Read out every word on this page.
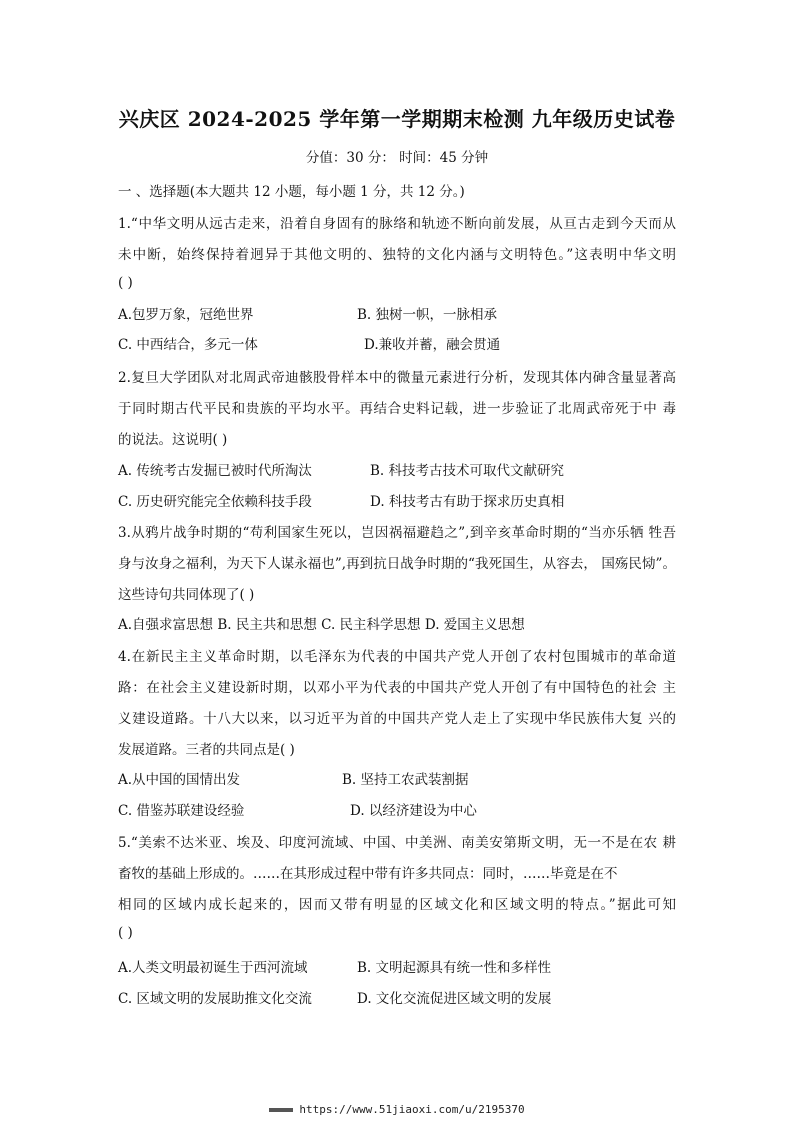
兴庆区 2024-2025 学年第一学期期末检测 九年级历史试卷
分值：30 分： 时间：45 分钟
一 、选择题(本大题共 12 小题，每小题 1 分，共 12 分。)
1.“中华文明从远古走来，沿着自身固有的脉络和轨迹不断向前发展，从亘古走到今天而从
未中断，始终保持着迥异于其他文明的、独特的文化内涵与文明特色。”这表明中华文明
( )
A.包罗万象，冠绝世界	B. 独树一帜，一脉相承
C. 中西结合，多元一体	D.兼收并蓄，融会贯通
2.复旦大学团队对北周武帝迪骸股骨样本中的微量元素进行分析，发现其体内砷含量显著高
于同时期古代平民和贵族的平均水平。再结合史料记载，进一步验证了北周武帝死于中 毒
的说法。这说明( )
A. 传统考古发掘已被时代所淘汰	B. 科技考古技术可取代文献研究
C. 历史研究能完全依赖科技手段	D. 科技考古有助于探求历史真相
3.从鸦片战争时期的“苟利国家生死以，岂因祸福避趋之”,到辛亥革命时期的“当亦乐牺 牲吾
身与汝身之福利，为天下人谋永福也”,再到抗日战争时期的“我死国生，从容去， 国殇民恸”。
这些诗句共同体现了( )
A.自强求富思想 B. 民主共和思想 C. 民主科学思想 D. 爱国主义思想
4.在新民主主义革命时期，以毛泽东为代表的中国共产党人开创了农村包围城市的革命道
路：在社会主义建设新时期，以邓小平为代表的中国共产党人开创了有中国特色的社会 主
义建设道路。十八大以来，以习近平为首的中国共产党人走上了实现中华民族伟大复 兴的
发展道路。三者的共同点是( )
A.从中国的国情出发	B. 坚持工农武装割据
C. 借鉴苏联建设经验	D. 以经济建设为中心
5.“美索不达米亚、埃及、印度河流域、中国、中美洲、南美安第斯文明，无一不是在农 耕
畜牧的基础上形成的。……在其形成过程中带有许多共同点：同时，……毕竟是在不
相同的区域内成长起来的，因而又带有明显的区域文化和区域文明的特点。”据此可知
( )
A.人类文明最初诞生于西河流域	B. 文明起源具有统一性和多样性
C. 区域文明的发展助推文化交流	D. 文化交流促进区域文明的发展
https://www.51jiaoxi.com/u/2195370
